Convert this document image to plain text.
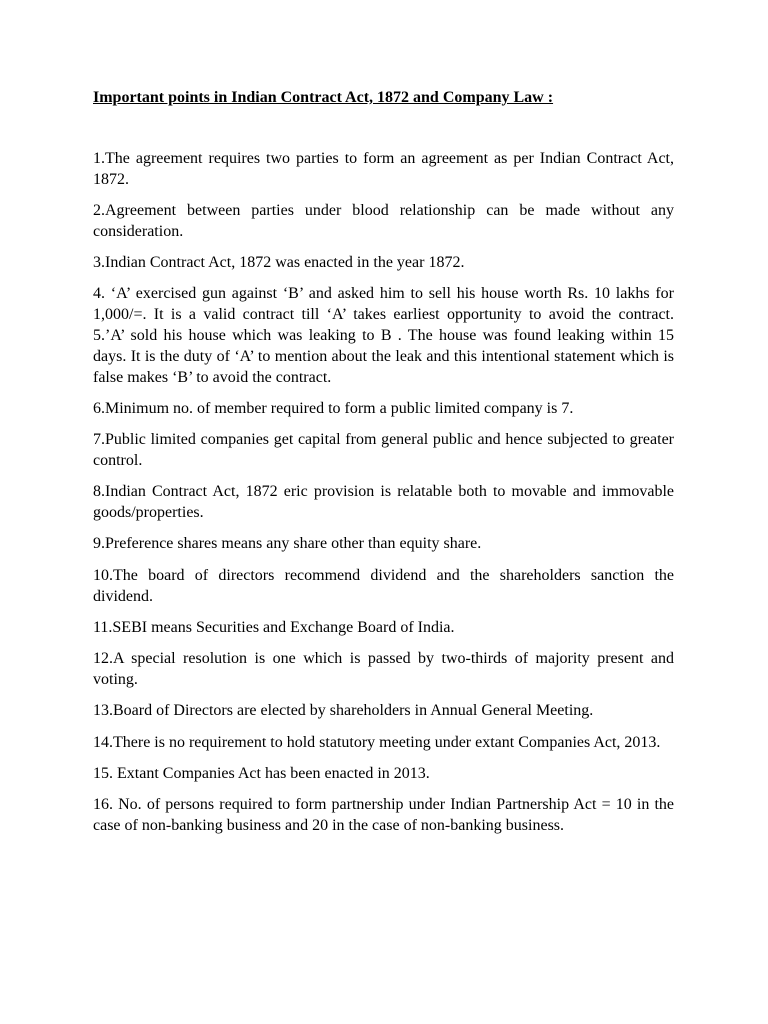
Important points in Indian Contract Act, 1872 and Company Law :

1.The agreement requires two parties to form an agreement as per Indian Contract Act, 1872.

2.Agreement between parties under blood relationship can be made without any consideration.

3.Indian Contract Act, 1872 was enacted in the year 1872.

4. ‘A’ exercised gun against ‘B’ and asked him to sell his house worth Rs. 10 lakhs for 1,000/=. It is a valid contract till ‘A’ takes earliest opportunity to avoid the contract.

5.’A’ sold his house which was leaking to B . The house was found leaking within 15 days. It is the duty of ‘A’ to mention about the leak and this intentional statement which is false makes ‘B’ to avoid the contract.

6.Minimum no. of member required to form a public limited company is 7.

7.Public limited companies get capital from general public and hence subjected to greater control.

8.Indian Contract Act, 1872 eric provision is relatable both to movable and immovable goods/properties.

9.Preference shares means any share other than equity share.

10.The board of directors recommend dividend and the shareholders sanction the dividend.

11.SEBI means Securities and Exchange Board of India.

12.A special resolution is one which is passed by two-thirds of majority present and voting.

13.Board of Directors are elected by shareholders in Annual General Meeting.

14.There is no requirement to hold statutory meeting under extant Companies Act, 2013.

15. Extant Companies Act has been enacted in 2013.

16. No. of persons required to form partnership under Indian Partnership Act = 10 in the case of non-banking business and 20 in the case of non-banking business.
